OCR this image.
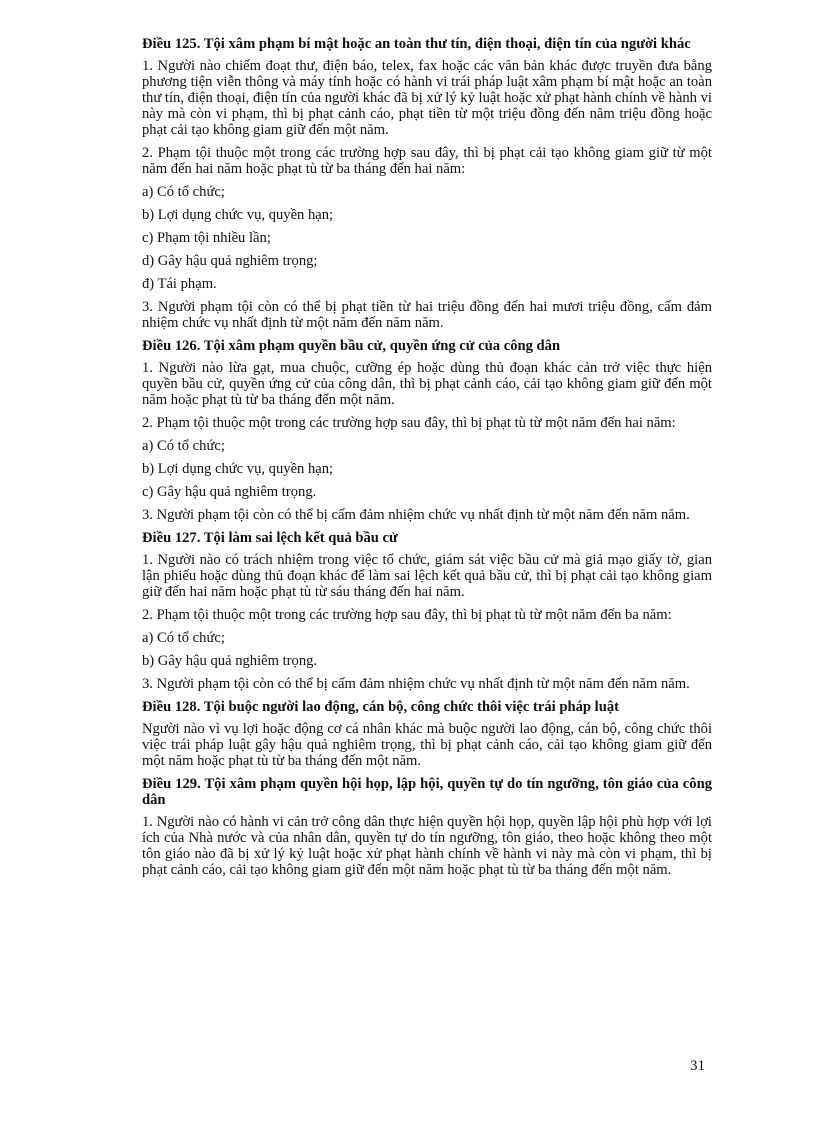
Điều 125. Tội xâm phạm bí mật hoặc an toàn thư tín, điện thoại, điện tín của người khác

1. Người nào chiếm đoạt thư, điện báo, telex, fax hoặc các văn bản khác được truyền đưa bằng phương tiện viễn thông và máy tính hoặc có hành vi trái pháp luật xâm phạm bí mật hoặc an toàn thư tín, điện thoại, điện tín của người khác đã bị xử lý kỷ luật hoặc xử phạt hành chính về hành vi này mà còn vi phạm, thì bị phạt cảnh cáo, phạt tiền từ một triệu đồng đến năm triệu đồng hoặc phạt cải tạo không giam giữ đến một năm.

2. Phạm tội thuộc một trong các trường hợp sau đây, thì bị phạt cải tạo không giam giữ từ một năm đến hai năm hoặc phạt tù từ ba tháng đến hai năm:

a) Có tổ chức;

b) Lợi dụng chức vụ, quyền hạn;

c) Phạm tội nhiều lần;

d) Gây hậu quả nghiêm trọng;

đ) Tái phạm.

3. Người phạm tội còn có thể bị phạt tiền từ hai triệu đồng đến hai mươi triệu đồng, cấm đảm nhiệm chức vụ nhất định từ một năm đến năm năm.

Điều 126. Tội xâm phạm quyền bầu cử, quyền ứng cử của công dân

1. Người nào lừa gạt, mua chuộc, cưỡng ép hoặc dùng thủ đoạn khác cản trở việc thực hiện quyền bầu cử, quyền ứng cử của công dân, thì bị phạt cảnh cáo, cải tạo không giam giữ đến một năm hoặc phạt tù từ ba tháng đến một năm.

2. Phạm tội thuộc một trong các trường hợp sau đây, thì bị phạt tù từ một năm đến hai năm:

a) Có tổ chức;

b) Lợi dụng chức vụ, quyền hạn;

c) Gây hậu quả nghiêm trọng.

3. Người phạm tội còn có thể bị cấm đảm nhiệm chức vụ nhất định từ một năm đến năm năm.

Điều 127. Tội làm sai lệch kết quả bầu cử

1. Người nào có trách nhiệm trong việc tổ chức, giám sát việc bầu cử mà giả mạo giấy tờ, gian lận phiếu hoặc dùng thủ đoạn khác để làm sai lệch kết quả bầu cử, thì bị phạt cải tạo không giam giữ đến hai năm hoặc phạt tù từ sáu tháng đến hai năm.

2. Phạm tội thuộc một trong các trường hợp sau đây, thì bị phạt tù từ một năm đến ba năm:

a) Có tổ chức;

b) Gây hậu quả nghiêm trọng.

3. Người phạm tội còn có thể bị cấm đảm nhiệm chức vụ nhất định từ một năm đến năm năm.

Điều 128. Tội buộc người lao động, cán bộ, công chức thôi việc trái pháp luật

Người nào vì vụ lợi hoặc động cơ cá nhân khác mà buộc người lao động, cán bộ, công chức thôi việc trái pháp luật gây hậu quả nghiêm trọng, thì bị phạt cảnh cáo, cải tạo không giam giữ đến một năm hoặc phạt tù từ ba tháng đến một năm.

Điều 129. Tội xâm phạm quyền hội họp, lập hội, quyền tự do tín ngưỡng, tôn giáo của công dân

1. Người nào có hành vi cản trở công dân thực hiện quyền hội họp, quyền lập hội phù hợp với lợi ích của Nhà nước và của nhân dân, quyền tự do tín ngưỡng, tôn giáo, theo hoặc không theo một tôn giáo nào đã bị xử lý kỷ luật hoặc xử phạt hành chính về hành vi này mà còn vi phạm, thì bị phạt cảnh cáo, cải tạo không giam giữ đến một năm hoặc phạt tù từ ba tháng đến một năm.

31
